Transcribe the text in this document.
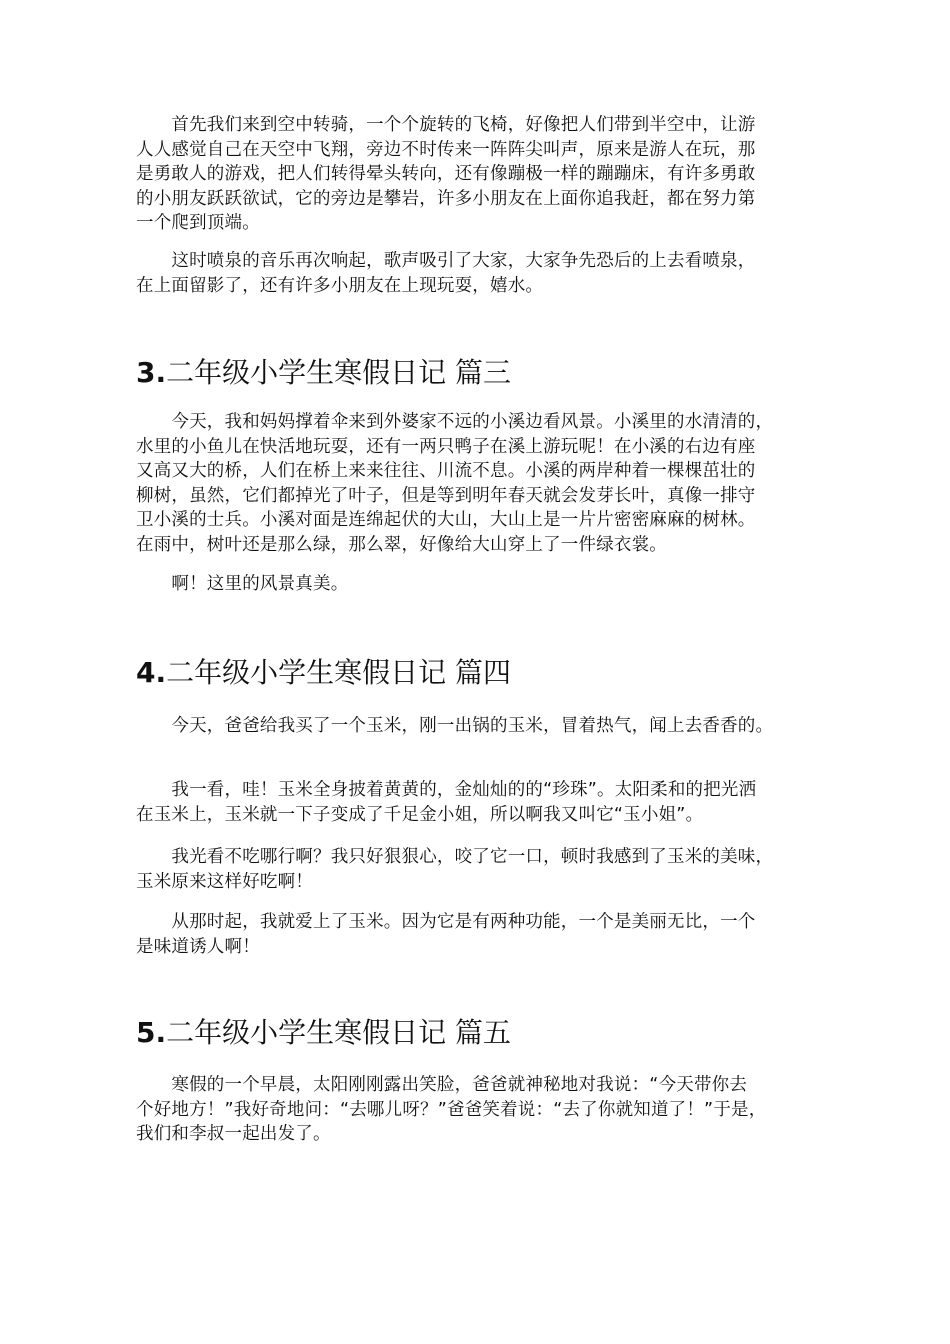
　　首先我们来到空中转骑，一个个旋转的飞椅，好像把人们带到半空中，让游
人人感觉自己在天空中飞翔，旁边不时传来一阵阵尖叫声，原来是游人在玩，那
是勇敢人的游戏，把人们转得晕头转向，还有像蹦极一样的蹦蹦床，有许多勇敢
的小朋友跃跃欲试，它的旁边是攀岩，许多小朋友在上面你追我赶，都在努力第
一个爬到顶端。
　　这时喷泉的音乐再次响起，歌声吸引了大家，大家争先恐后的上去看喷泉，
在上面留影了，还有许多小朋友在上现玩耍，嬉水。
3.二年级小学生寒假日记 篇三
　　今天，我和妈妈撑着伞来到外婆家不远的小溪边看风景。小溪里的水清清的，
水里的小鱼儿在快活地玩耍，还有一两只鸭子在溪上游玩呢！在小溪的右边有座
又高又大的桥，人们在桥上来来往往、川流不息。小溪的两岸种着一棵棵茁壮的
柳树，虽然，它们都掉光了叶子，但是等到明年春天就会发芽长叶，真像一排守
卫小溪的士兵。小溪对面是连绵起伏的大山，大山上是一片片密密麻麻的树林。
在雨中，树叶还是那么绿，那么翠，好像给大山穿上了一件绿衣裳。
　　啊！这里的风景真美。
4.二年级小学生寒假日记 篇四
　　今天，爸爸给我买了一个玉米，刚一出锅的玉米，冒着热气，闻上去香香的。
　　我一看，哇！玉米全身披着黄黄的，金灿灿的的“珍珠”。太阳柔和的把光洒
在玉米上，玉米就一下子变成了千足金小姐，所以啊我又叫它“玉小姐”。
　　我光看不吃哪行啊？我只好狠狠心，咬了它一口，顿时我感到了玉米的美味，
玉米原来这样好吃啊！
　　从那时起，我就爱上了玉米。因为它是有两种功能，一个是美丽无比，一个
是味道诱人啊！
5.二年级小学生寒假日记 篇五
　　寒假的一个早晨，太阳刚刚露出笑脸，爸爸就神秘地对我说：“今天带你去
个好地方！”我好奇地问：“去哪儿呀？”爸爸笑着说：“去了你就知道了！”于是，
我们和李叔一起出发了。
